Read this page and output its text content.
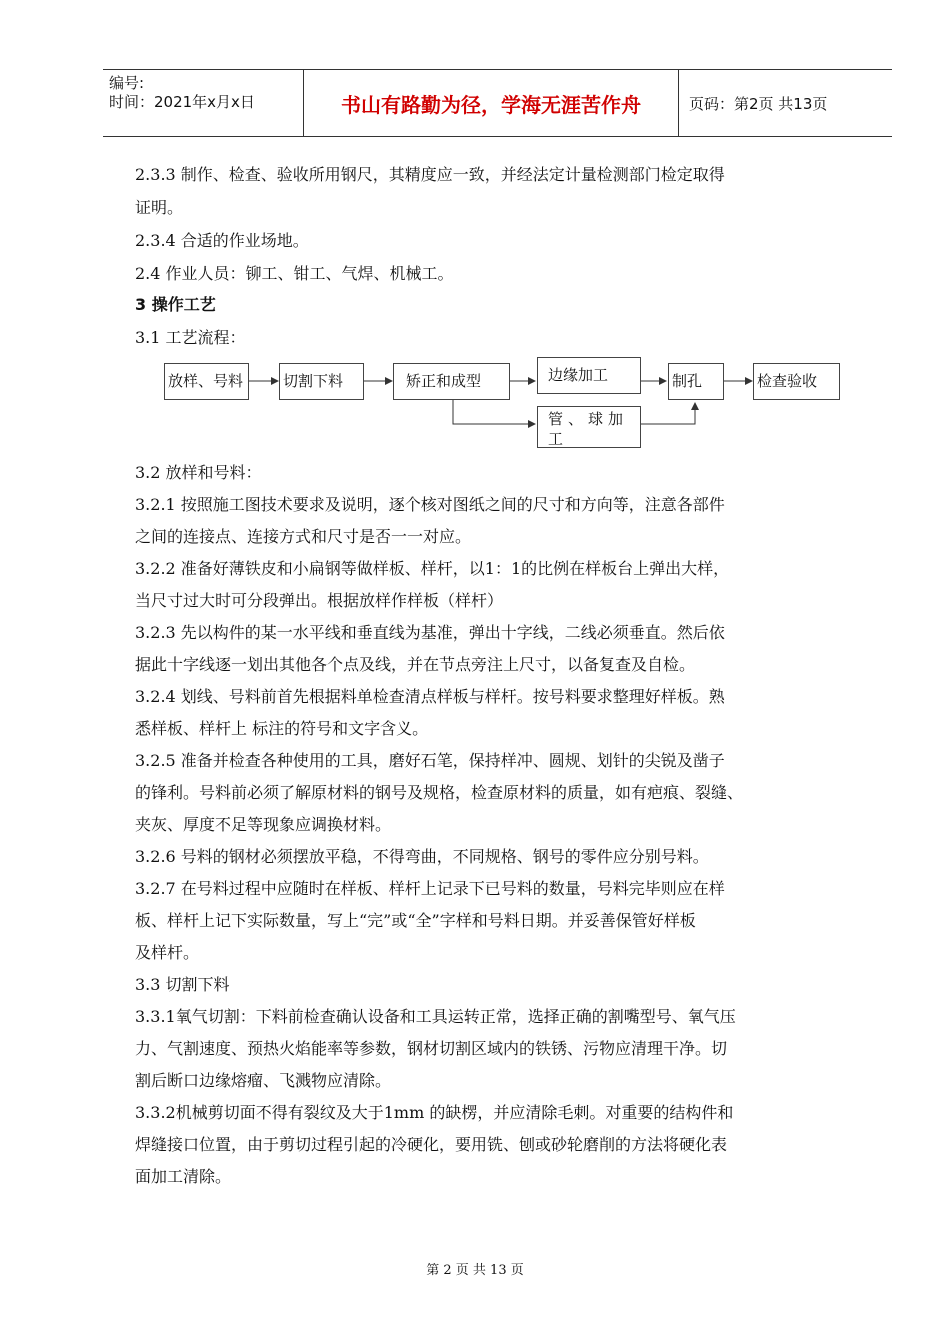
编号:
时间：2021年x月x日	书山有路勤为径，学海无涯苦作舟	页码：第2页 共13页
2.3.3 制作、检查、验收所用钢尺，其精度应一致，并经法定计量检测部门检定取得
证明。
2.3.4 合适的作业场地。
2.4 作业人员：铆工、钳工、气焊、机械工。
3 操作工艺
3.1 工艺流程：
放样、号料	切割下料	矫正和成型	边缘加工
管、球加工
制孔	检查验收
3.2 放样和号料：
3.2.1 按照施工图技术要求及说明，逐个核对图纸之间的尺寸和方向等，注意各部件
之间的连接点、连接方式和尺寸是否一一对应。
3.2.2 准备好薄铁皮和小扁钢等做样板、样杆，以1：1的比例在样板台上弹出大样，
当尺寸过大时可分段弹出。根据放样作样板（样杆）
3.2.3 先以构件的某一水平线和垂直线为基准，弹出十字线，二线必须垂直。然后依
据此十字线逐一划出其他各个点及线，并在节点旁注上尺寸，以备复查及自检。
3.2.4 划线、号料前首先根据料单检查清点样板与样杆。按号料要求整理好样板。熟
悉样板、样杆上 标注的符号和文字含义。
3.2.5 准备并检查各种使用的工具，磨好石笔，保持样冲、圆规、划针的尖锐及凿子
的锋利。号料前必须了解原材料的钢号及规格，检查原材料的质量，如有疤痕、裂缝、
夹灰、厚度不足等现象应调换材料。
3.2.6 号料的钢材必须摆放平稳，不得弯曲，不同规格、钢号的零件应分别号料。
3.2.7 在号料过程中应随时在样板、样杆上记录下已号料的数量，号料完毕则应在样
板、样杆上记下实际数量，写上“完”或“全”字样和号料日期。并妥善保管好样板
及样杆。
3.3 切割下料
3.3.1氧气切割：下料前检查确认设备和工具运转正常，选择正确的割嘴型号、氧气压
力、气割速度、预热火焰能率等参数，钢材切割区域内的铁锈、污物应清理干净。切
割后断口边缘熔瘤、飞溅物应清除。
3.3.2机械剪切面不得有裂纹及大于1mm 的缺楞，并应清除毛刺。对重要的结构件和
焊缝接口位置，由于剪切过程引起的冷硬化，要用铣、刨或砂轮磨削的方法将硬化表
面加工清除。
第 2 页 共 13 页
